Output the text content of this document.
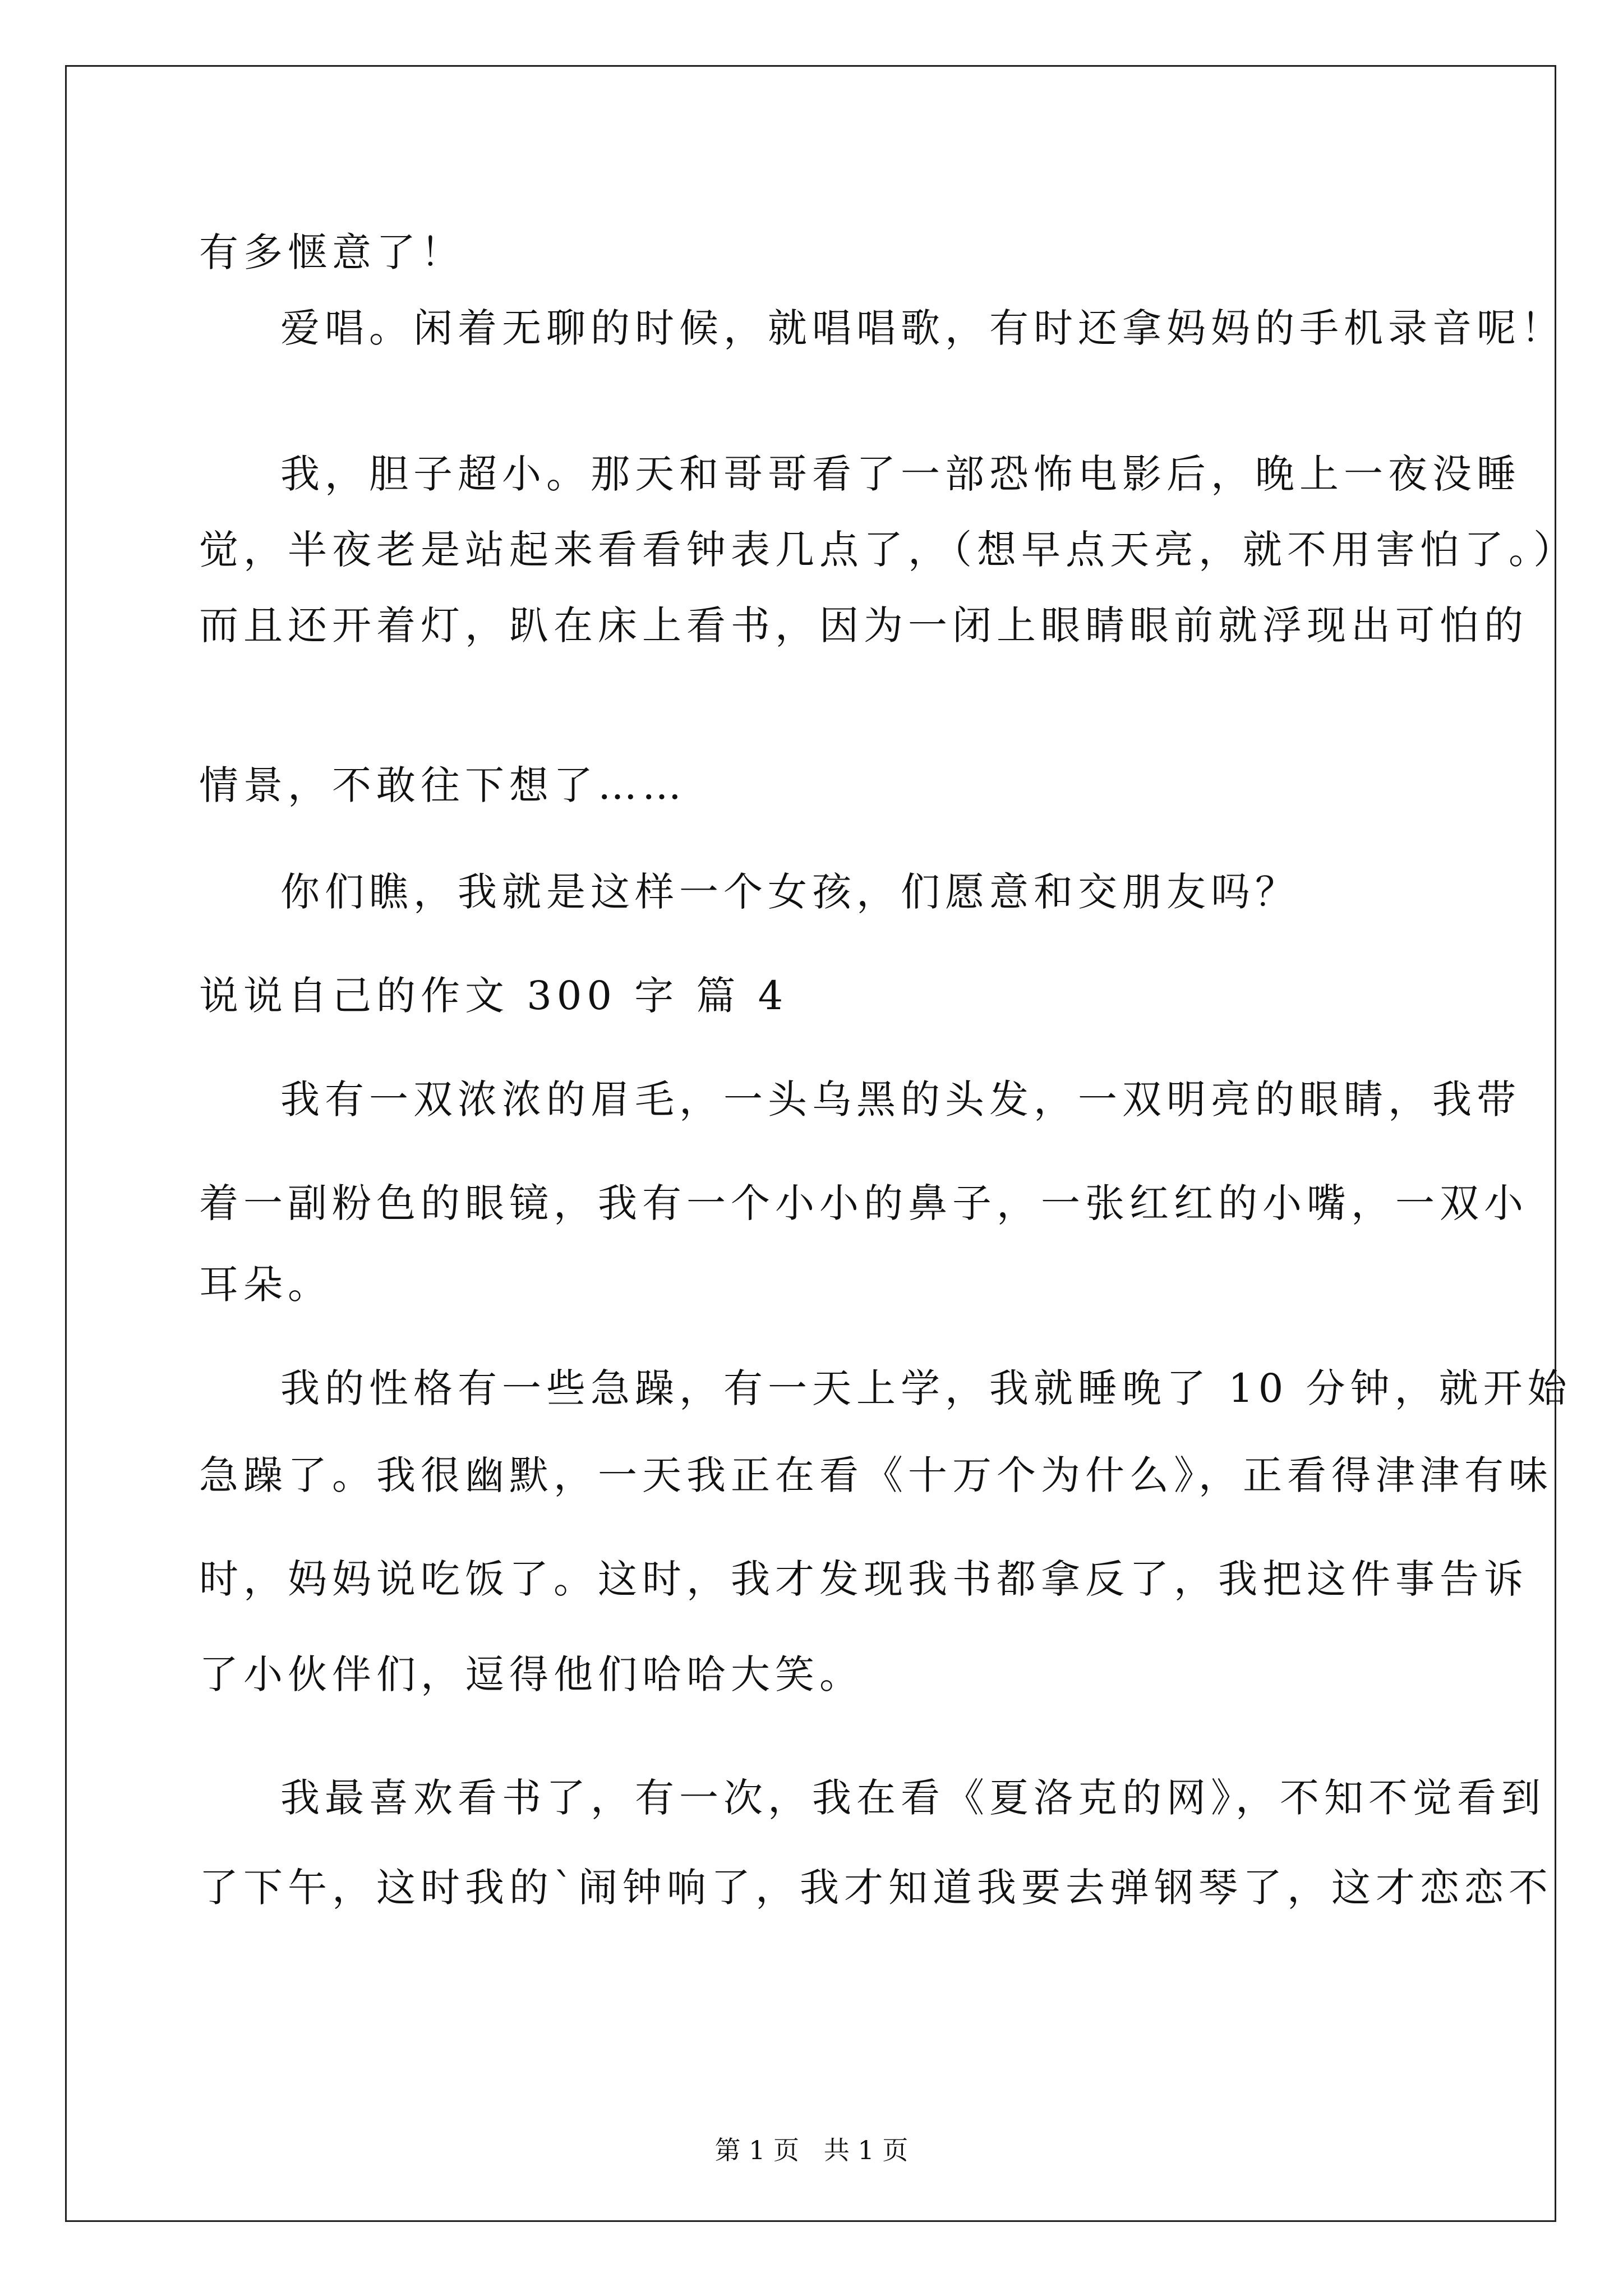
有多惬意了！
爱唱。闲着无聊的时候，就唱唱歌，有时还拿妈妈的手机录音呢！
我，胆子超小。那天和哥哥看了一部恐怖电影后，晚上一夜没睡
觉，半夜老是站起来看看钟表几点了，（想早点天亮，就不用害怕了。）
而且还开着灯，趴在床上看书，因为一闭上眼睛眼前就浮现出可怕的
情景，不敢往下想了……
你们瞧，我就是这样一个女孩，们愿意和交朋友吗？
说说自己的作文 300 字 篇 4
我有一双浓浓的眉毛，一头乌黑的头发，一双明亮的眼睛，我带
着一副粉色的眼镜，我有一个小小的鼻子，一张红红的小嘴，一双小
耳朵。
我的性格有一些急躁，有一天上学，我就睡晚了 10 分钟，就开始
急躁了。我很幽默，一天我正在看《十万个为什么》，正看得津津有味
时，妈妈说吃饭了。这时，我才发现我书都拿反了，我把这件事告诉
了小伙伴们，逗得他们哈哈大笑。
我最喜欢看书了，有一次，我在看《夏洛克的网》，不知不觉看到
了下午，这时我的`闹钟响了，我才知道我要去弹钢琴了，这才恋恋不
第 1 页   共 1 页
